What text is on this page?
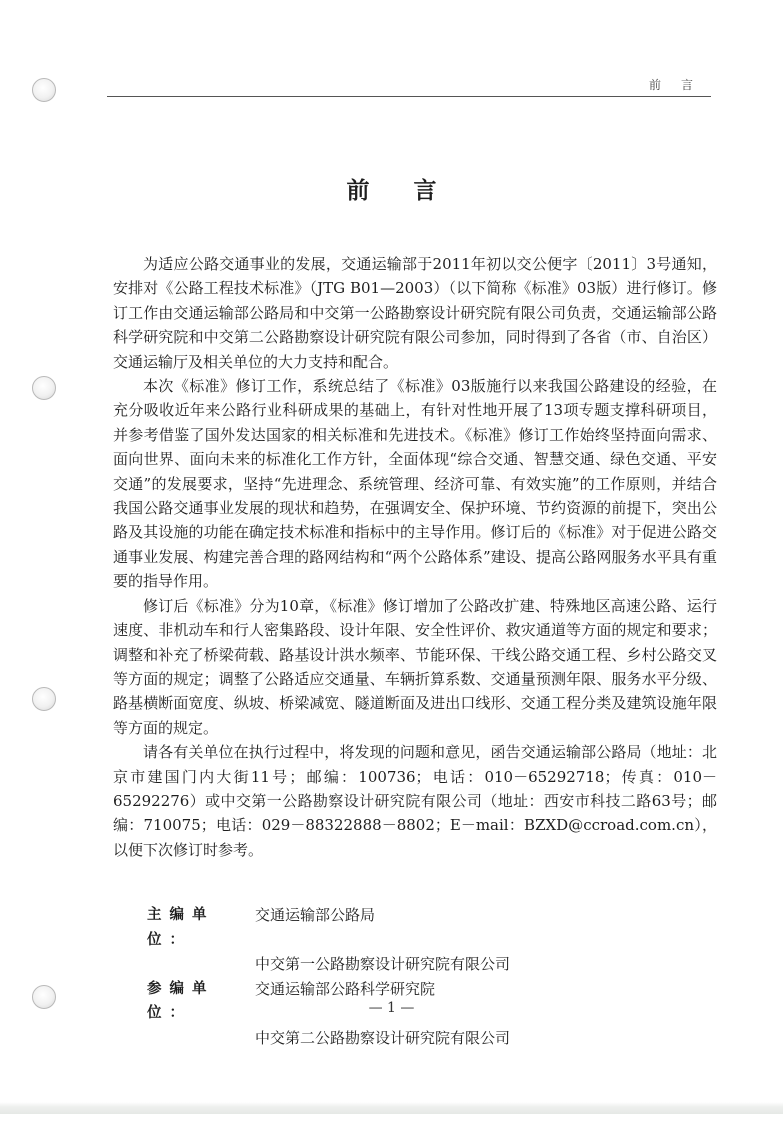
前言
前言

为适应公路交通事业的发展，交通运输部于2011年初以交公便字〔2011〕3号通知，安排对《公路工程技术标准》（JTG B01—2003）（以下简称《标准》03版）进行修订。修订工作由交通运输部公路局和中交第一公路勘察设计研究院有限公司负责，交通运输部公路科学研究院和中交第二公路勘察设计研究院有限公司参加，同时得到了各省（市、自治区）交通运输厅及相关单位的大力支持和配合。

本次《标准》修订工作，系统总结了《标准》03版施行以来我国公路建设的经验，在充分吸收近年来公路行业科研成果的基础上，有针对性地开展了13项专题支撑科研项目，并参考借鉴了国外发达国家的相关标准和先进技术。《标准》修订工作始终坚持面向需求、面向世界、面向未来的标准化工作方针，全面体现“综合交通、智慧交通、绿色交通、平安交通”的发展要求，坚持“先进理念、系统管理、经济可靠、有效实施”的工作原则，并结合我国公路交通事业发展的现状和趋势，在强调安全、保护环境、节约资源的前提下，突出公路及其设施的功能在确定技术标准和指标中的主导作用。修订后的《标准》对于促进公路交通事业发展、构建完善合理的路网结构和“两个公路体系”建设、提高公路网服务水平具有重要的指导作用。

修订后《标准》分为10章，《标准》修订增加了公路改扩建、特殊地区高速公路、运行速度、非机动车和行人密集路段、设计年限、安全性评价、救灾通道等方面的规定和要求；调整和补充了桥梁荷载、路基设计洪水频率、节能环保、干线公路交通工程、乡村公路交叉等方面的规定；调整了公路适应交通量、车辆折算系数、交通量预测年限、服务水平分级、路基横断面宽度、纵坡、桥梁减宽、隧道断面及进出口线形、交通工程分类及建筑设施年限等方面的规定。

请各有关单位在执行过程中，将发现的问题和意见，函告交通运输部公路局（地址：北京市建国门内大街11号；邮编：100736；电话：010－65292718；传真：010－65292276）或中交第一公路勘察设计研究院有限公司（地址：西安市科技二路63号；邮编：710075；电话：029－88322888－8802；E－mail：BZXD@ccroad.com.cn），以便下次修订时参考。

主编单位：
交通运输部公路局
中交第一公路勘察设计研究院有限公司
参编单位：
交通运输部公路科学研究院
中交第二公路勘察设计研究院有限公司
— 1 —
